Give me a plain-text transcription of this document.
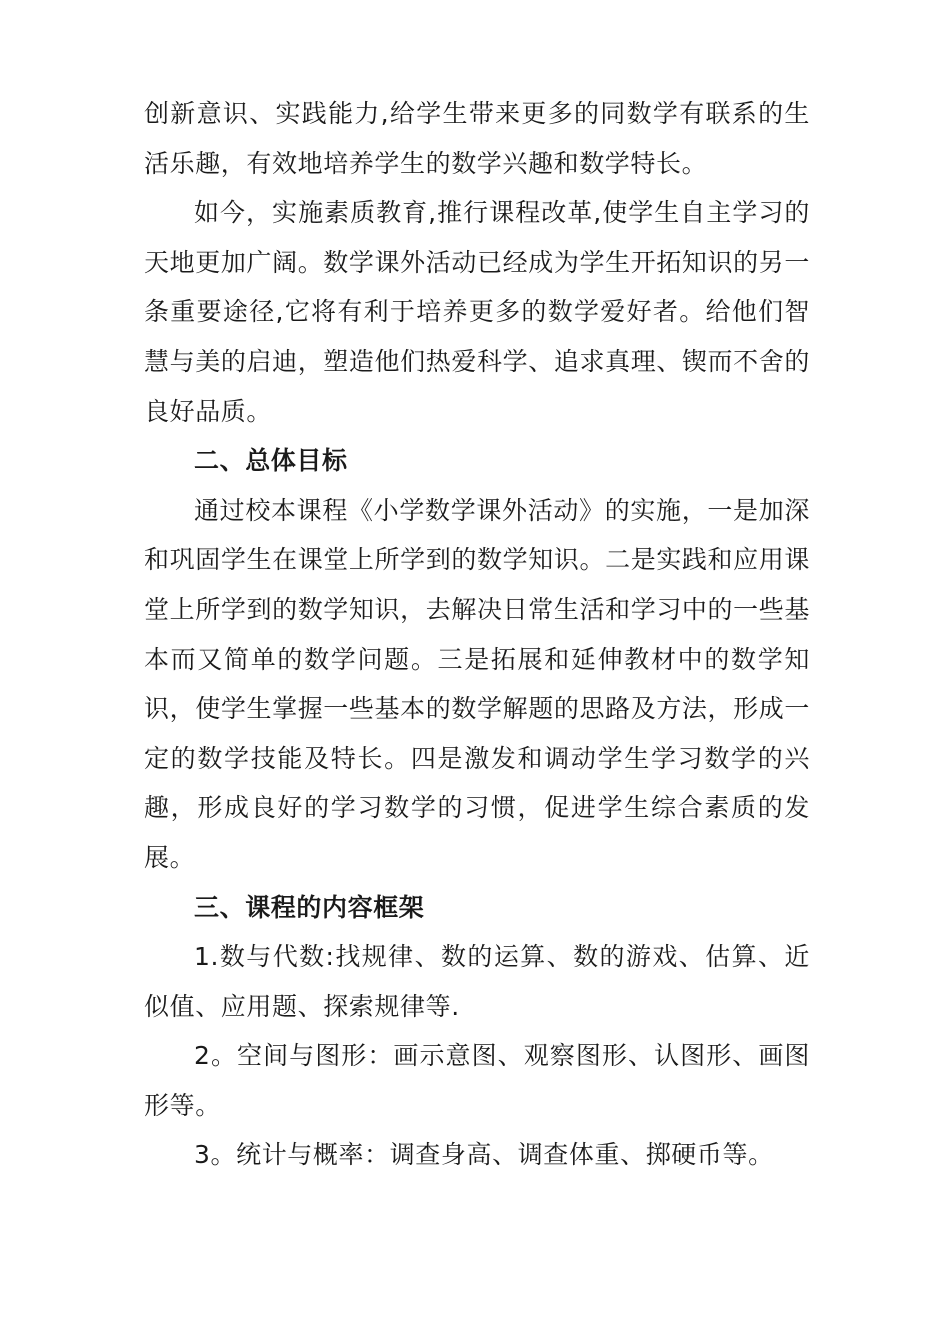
创新意识、实践能力,给学生带来更多的同数学有联系的生活乐趣，有效地培养学生的数学兴趣和数学特长。

如今，实施素质教育,推行课程改革,使学生自主学习的天地更加广阔。数学课外活动已经成为学生开拓知识的另一条重要途径,它将有利于培养更多的数学爱好者。给他们智慧与美的启迪，塑造他们热爱科学、追求真理、锲而不舍的良好品质。

二、总体目标

通过校本课程《小学数学课外活动》的实施，一是加深和巩固学生在课堂上所学到的数学知识。二是实践和应用课堂上所学到的数学知识，去解决日常生活和学习中的一些基本而又简单的数学问题。三是拓展和延伸教材中的数学知识，使学生掌握一些基本的数学解题的思路及方法，形成一定的数学技能及特长。四是激发和调动学生学习数学的兴趣，形成良好的学习数学的习惯，促进学生综合素质的发展。

三、课程的内容框架

1.数与代数:找规律、数的运算、数的游戏、估算、近似值、应用题、探索规律等.

2。空间与图形：画示意图、观察图形、认图形、画图形等。

3。统计与概率：调查身高、调查体重、掷硬币等。
